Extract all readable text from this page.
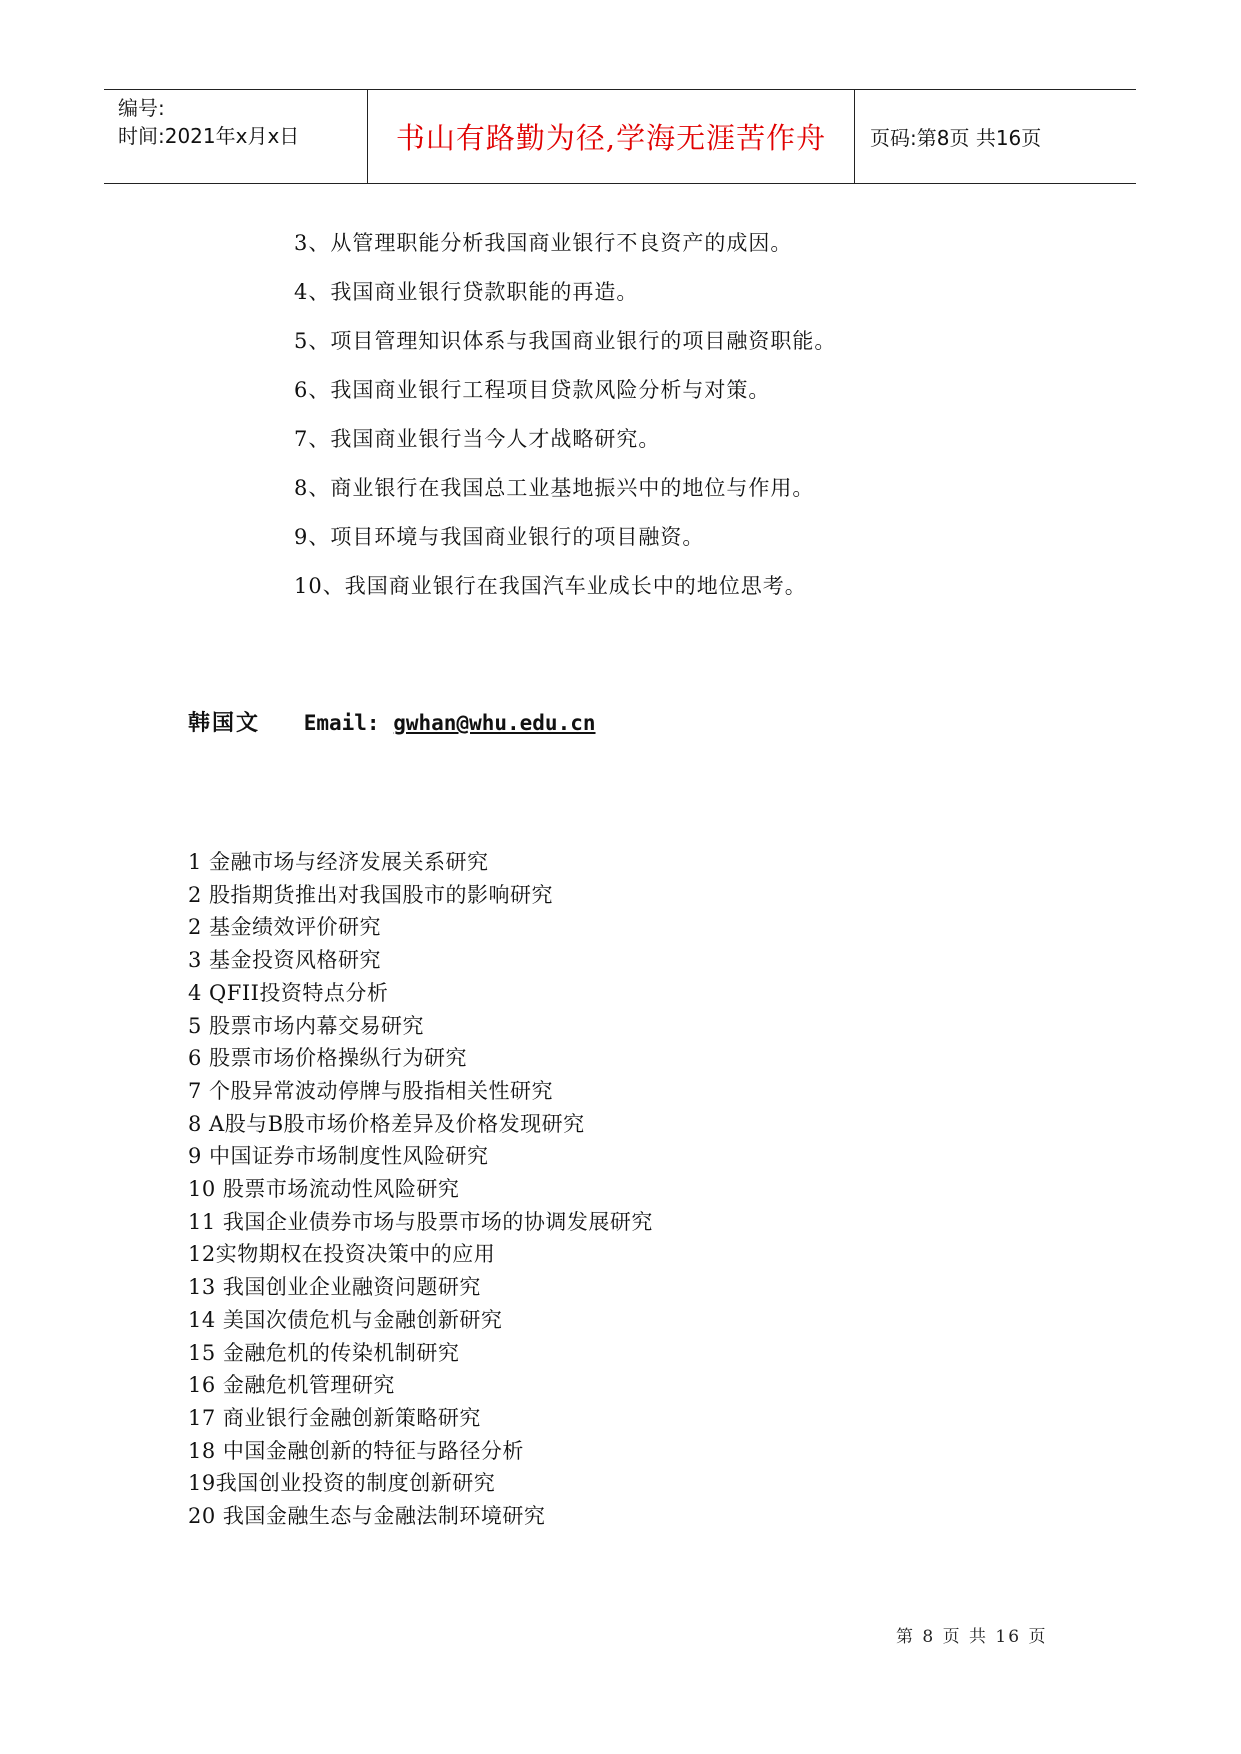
编号:
时间:2021年x月x日	书山有路勤为径,学海无涯苦作舟 页码:第8页 共16页
3、从管理职能分析我国商业银行不良资产的成因。
4、我国商业银行贷款职能的再造。
5、项目管理知识体系与我国商业银行的项目融资职能。
6、我国商业银行工程项目贷款风险分析与对策。
7、我国商业银行当今人才战略研究。
8、商业银行在我国总工业基地振兴中的地位与作用。
9、项目环境与我国商业银行的项目融资。
10、我国商业银行在我国汽车业成长中的地位思考。
韩国文 Email: gwhan@whu.edu.cn
1 金融市场与经济发展关系研究
2 股指期货推出对我国股市的影响研究
2 基金绩效评价研究
3 基金投资风格研究
4 QFII投资特点分析
5 股票市场内幕交易研究
6 股票市场价格操纵行为研究
7 个股异常波动停牌与股指相关性研究
8 A股与B股市场价格差异及价格发现研究
9 中国证券市场制度性风险研究
10 股票市场流动性风险研究
11 我国企业债券市场与股票市场的协调发展研究
12实物期权在投资决策中的应用
13 我国创业企业融资问题研究
14 美国次债危机与金融创新研究
15 金融危机的传染机制研究
16 金融危机管理研究
17 商业银行金融创新策略研究
18 中国金融创新的特征与路径分析
19我国创业投资的制度创新研究
20 我国金融生态与金融法制环境研究
第 8 页 共 16 页
